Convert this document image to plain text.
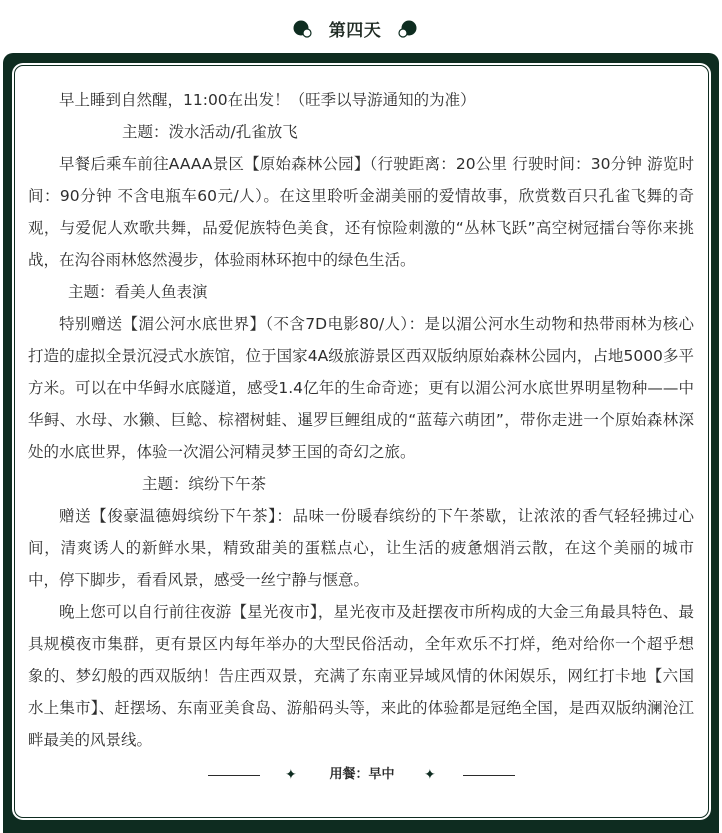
第四天

早上睡到自然醒，11:00在出发！（旺季以导游通知的为准）

主题：泼水活动/孔雀放飞

早餐后乘车前往AAAA景区【原始森林公园】（行驶距离：20公里 行驶时间：30分钟 游览时间：90分钟 不含电瓶车60元/人）。在这里聆听金湖美丽的爱情故事，欣赏数百只孔雀飞舞的奇观，与爱伲人欢歌共舞，品爱伲族特色美食，还有惊险刺激的“丛林飞跃”高空树冠擂台等你来挑战，在沟谷雨林悠然漫步，体验雨林环抱中的绿色生活。

主题：看美人鱼表演

特别赠送【湄公河水底世界】（不含7D电影80/人）：是以湄公河水生动物和热带雨林为核心打造的虚拟全景沉浸式水族馆，位于国家4A级旅游景区西双版纳原始森林公园内，占地5000多平方米。可以在中华鲟水底隧道，感受1.4亿年的生命奇迹；更有以湄公河水底世界明星物种——中华鲟、水母、水獭、巨鲶、棕褶树蛙、暹罗巨鲤组成的“蓝莓六萌团”，带你走进一个原始森林深处的水底世界，体验一次湄公河精灵梦王国的奇幻之旅。

主题：缤纷下午茶

赠送【俊豪温德姆缤纷下午茶】：品味一份暖春缤纷的下午茶歇，让浓浓的香气轻轻拂过心间，清爽诱人的新鲜水果，精致甜美的蛋糕点心，让生活的疲惫烟消云散，在这个美丽的城市中，停下脚步，看看风景，感受一丝宁静与惬意。

晚上您可以自行前往夜游【星光夜市】，星光夜市及赶摆夜市所构成的大金三角最具特色、最具规模夜市集群，更有景区内每年举办的大型民俗活动，全年欢乐不打烊，绝对给你一个超乎想象的、梦幻般的西双版纳！告庄西双景，充满了东南亚异域风情的休闲娱乐，网红打卡地【六国水上集市】、赶摆场、东南亚美食岛、游船码头等，来此的体验都是冠绝全国，是西双版纳澜沧江畔最美的风景线。

✦	用餐：早中	✦
